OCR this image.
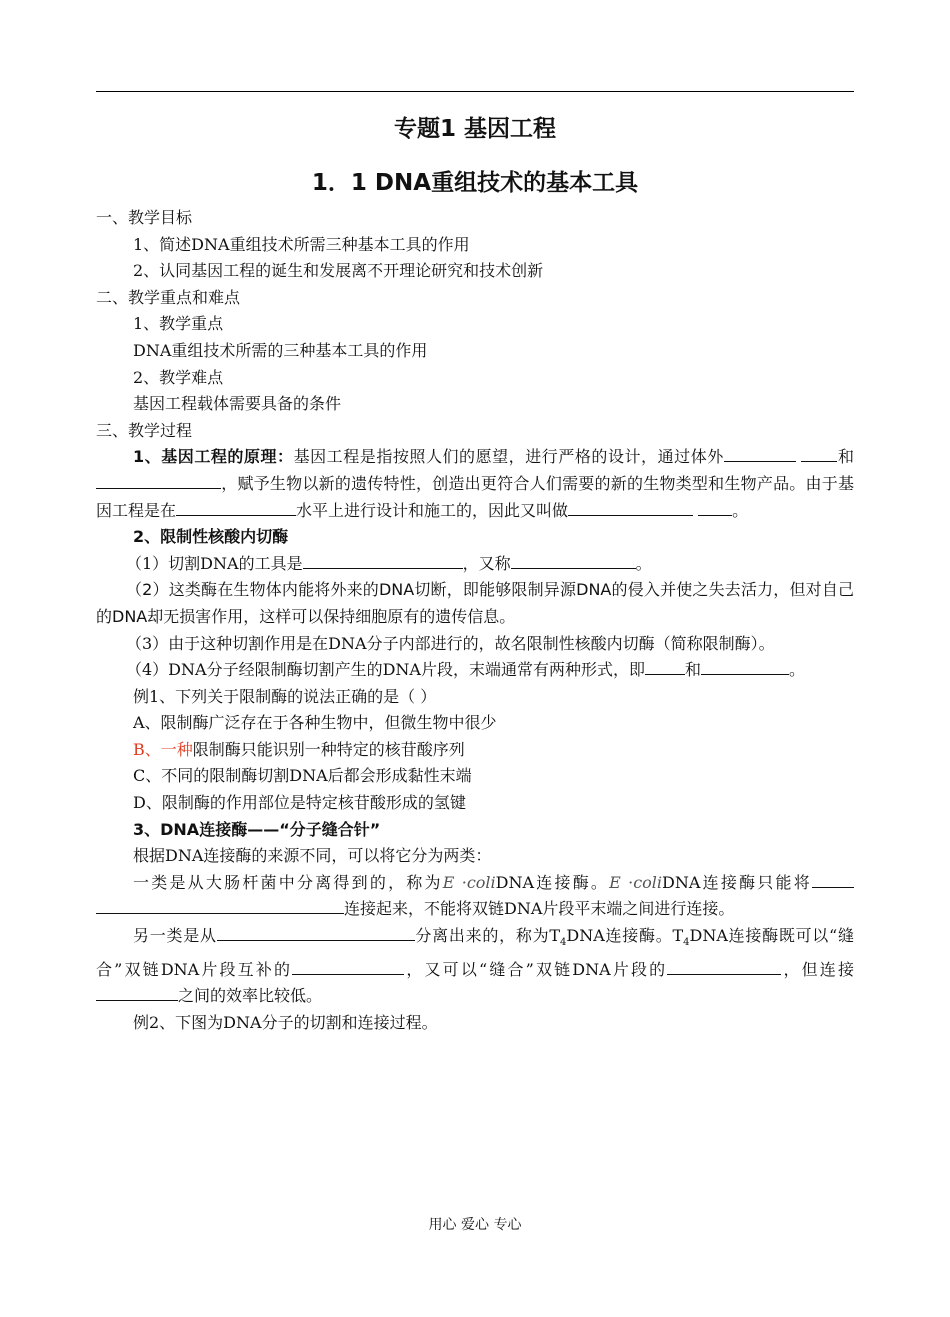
专题1 基因工程
1．1 DNA重组技术的基本工具

一、教学目标

1、简述DNA重组技术所需三种基本工具的作用

2、认同基因工程的诞生和发展离不开理论研究和技术创新

二、教学重点和难点

1、教学重点

DNA重组技术所需的三种基本工具的作用

2、教学难点

基因工程载体需要具备的条件

三、教学过程

1、基因工程的原理：基因工程是指按照人们的愿望，进行严格的设计，通过体外	和，赋予生物以新的遗传特性，创造出更符合人们需要的新的生物类型和生物产品。由于基因工程是在	水平上进行设计和施工的，因此又叫做	。

2、限制性核酸内切酶

（1）切割DNA的工具是	，又称	。

（2）这类酶在生物体内能将外来的DNA切断，即能够限制异源DNA的侵入并使之失去活力，但对自己的DNA却无损害作用，这样可以保持细胞原有的遗传信息。

（3）由于这种切割作用是在DNA分子内部进行的，故名限制性核酸内切酶（简称限制酶）。

（4）DNA分子经限制酶切割产生的DNA片段，末端通常有两种形式，即	和	。

例1、下列关于限制酶的说法正确的是（ ）

A、限制酶广泛存在于各种生物中，但微生物中很少

B、一种限制酶只能识别一种特定的核苷酸序列

C、不同的限制酶切割DNA后都会形成黏性末端

D、限制酶的作用部位是特定核苷酸形成的氢键

3、DNA连接酶——“分子缝合针”

根据DNA连接酶的来源不同，可以将它分为两类：

一类是从大肠杆菌中分离得到的，称为E ·coliDNA连接酶。E ·coliDNA连接酶只能将 连接起来，不能将双链DNA片段平末端之间进行连接。

另一类是从	分离出来的，称为$T_4DNA$连接酶。$T_4DNA$连接酶既可以“缝合”双链DNA片段互补的	，又可以“缝合”双链DNA片段的	，但连接之间的效率比较低。

例2、下图为DNA分子的切割和连接过程。

用心 爱心 专心
